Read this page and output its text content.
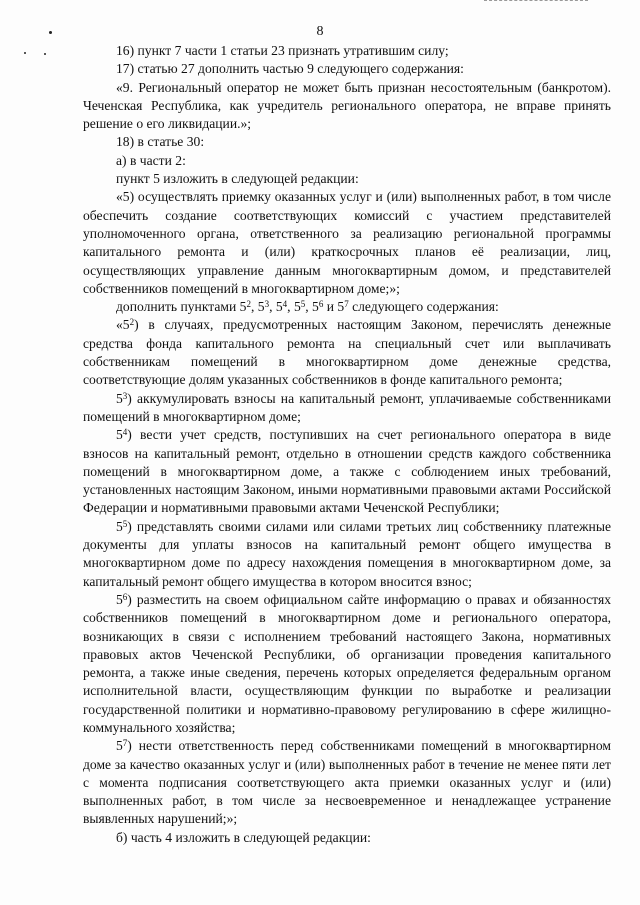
8

16) пункт 7 части 1 статьи 23 признать утратившим силу;

17) статью 27 дополнить частью 9 следующего содержания:

«9. Региональный оператор не может быть признан несостоятельным (банкротом). Чеченская Республика, как учредитель регионального оператора, не вправе принять решение о его ликвидации.»;

18) в статье 30:

а) в части 2:

пункт 5 изложить в следующей редакции:

«5) осуществлять приемку оказанных услуг и (или) выполненных работ, в том числе обеспечить создание соответствующих комиссий с участием представителей уполномоченного органа, ответственного за реализацию региональной программы капитального ремонта и (или) краткосрочных планов её реализации, лиц, осуществляющих управление данным многоквартирным домом, и представителей собственников помещений в многоквартирном доме;»;

дополнить пунктами $5^2$, $5^3$, $5^4$, $5^5$, $5^6$ и $5^7$ следующего содержания:

«$5^2$) в случаях, предусмотренных настоящим Законом, перечислять денежные средства фонда капитального ремонта на специальный счет или выплачивать собственникам помещений в многоквартирном доме денежные средства, соответствующие долям указанных собственников в фонде капитального ремонта;

$5^3$) аккумулировать взносы на капитальный ремонт, уплачиваемые собственниками помещений в многоквартирном доме;

$5^4$) вести учет средств, поступивших на счет регионального оператора в виде взносов на капитальный ремонт, отдельно в отношении средств каждого собственника помещений в многоквартирном доме, а также с соблюдением иных требований, установленных настоящим Законом, иными нормативными правовыми актами Российской Федерации и нормативными правовыми актами Чеченской Республики;

$5^5$) представлять своими силами или силами третьих лиц собственнику платежные документы для уплаты взносов на капитальный ремонт общего имущества в многоквартирном доме по адресу нахождения помещения в многоквартирном доме, за капитальный ремонт общего имущества в котором вносится взнос;

$5^6$) разместить на своем официальном сайте информацию о правах и обязанностях собственников помещений в многоквартирном доме и регионального оператора, возникающих в связи с исполнением требований настоящего Закона, нормативных правовых актов Чеченской Республики, об организации проведения капитального ремонта, а также иные сведения, перечень которых определяется федеральным органом исполнительной власти, осуществляющим функции по выработке и реализации государственной политики и нормативно-правовому регулированию в сфере жилищно-коммунального хозяйства;

$5^7$) нести ответственность перед собственниками помещений в многоквартирном доме за качество оказанных услуг и (или) выполненных работ в течение не менее пяти лет с момента подписания соответствующего акта приемки оказанных услуг и (или) выполненных работ, в том числе за несвоевременное и ненадлежащее устранение выявленных нарушений;»;

б) часть 4 изложить в следующей редакции:
